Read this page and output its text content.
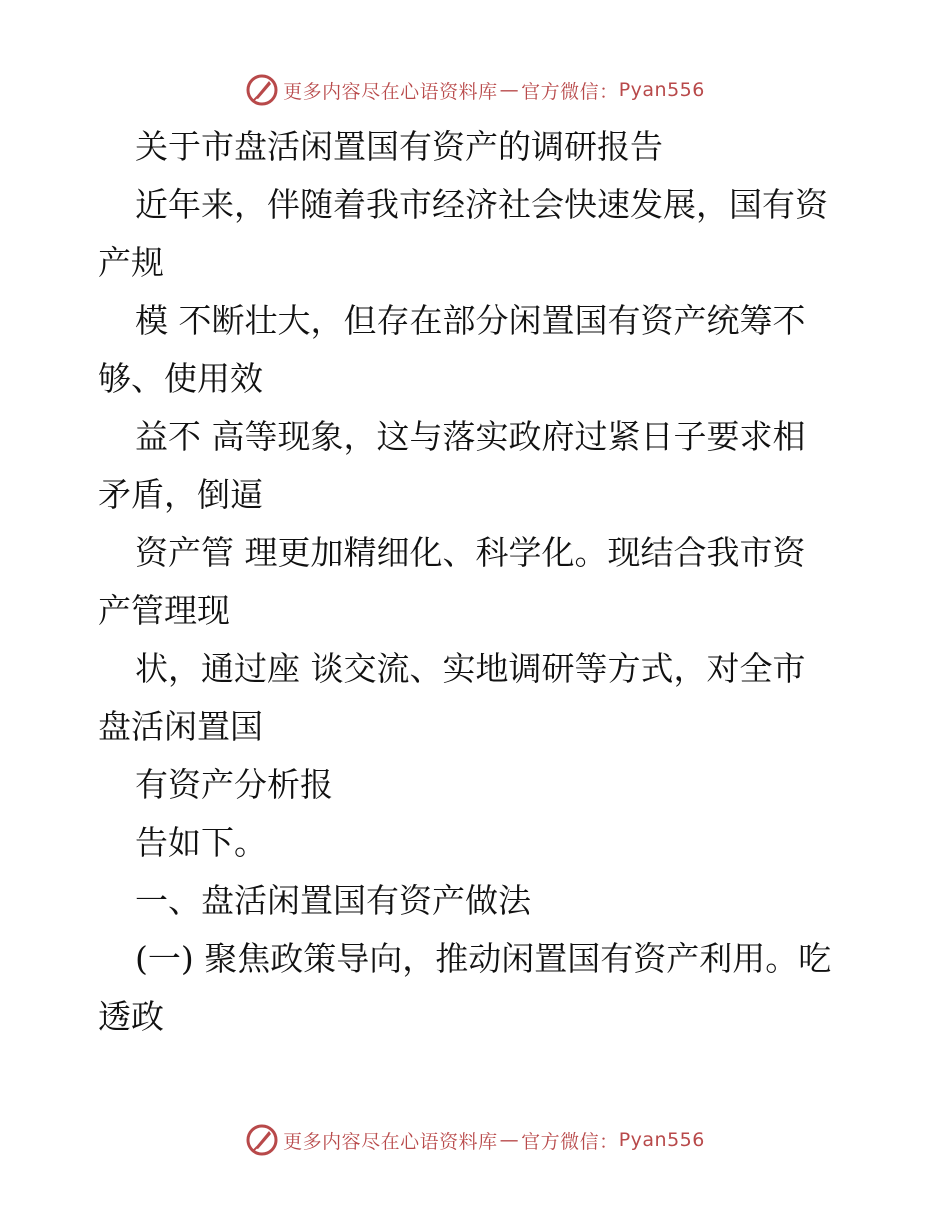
更多内容尽在心语资料库 — 官方微信： Pyan556

关于市盘活闲置国有资产的调研报告

近年来，伴随着我市经济社会快速发展，国有资

产规

模 不断壮大，但存在部分闲置国有资产统筹不

够、使用效

益不 高等现象，这与落实政府过紧日子要求相

矛盾，倒逼

资产管 理更加精细化、科学化。现结合我市资

产管理现

状，通过座 谈交流、实地调研等方式，对全市

盘活闲置国

有资产分析报

告如下。

一、盘活闲置国有资产做法

(一) 聚焦政策导向，推动闲置国有资产利用。吃

透政

更多内容尽在心语资料库 — 官方微信： Pyan556
